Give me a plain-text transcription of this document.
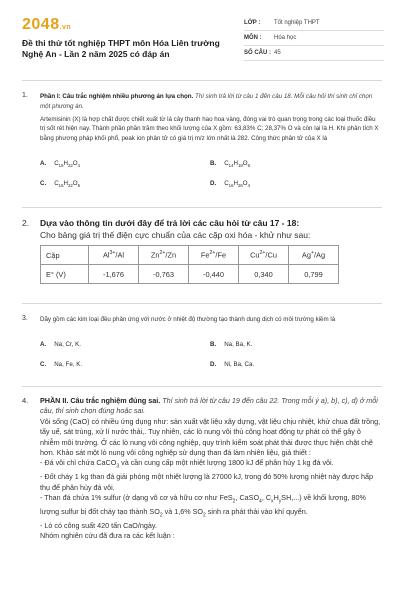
2048.vn
Đề thi thử tốt nghiệp THPT môn Hóa Liên trường Nghệ An - Lần 2 năm 2025 có đáp án
LỚP :	Tốt nghiệp THPT
MÔN :	Hóa học
SỐ CÂU : 45
1. Phần I: Câu trắc nghiệm nhiều phương án lựa chọn. Thí sinh trả lời từ câu 1 đến câu 18. Mỗi câu hỏi thí sinh chỉ chọn một phương án.
Artemisinin (X) là hợp chất được chiết xuất từ lá cây thanh hao hoa vàng, đóng vai trò quan trọng trong các loại thuốc điều trị sốt rét hiện nay. Thành phần phần trăm theo khối lượng của X gồm: 63,83% C; 28,37% O và còn lại là H. Khi phân tích X bằng phương pháp khối phổ, peak ion phân tử có giá trị m/z lớn nhất là 282. Công thức phân tử của X là
A. $C_{15}H_{22}O_4$	B. $C_{14}H_{18}O_6$
C. $C_{15}H_{22}O_5$	D. $C_{16}H_{26}O_4$
2. Dựa vào thông tin dưới đây để trả lời các câu hỏi từ câu 17 - 18:
Cho bảng giá trị thế điện cực chuẩn của các cặp oxi hóa - khử như sau:
Cặp	$Al^{3+}/Al$	$Zn^{2+}/Zn$	$Fe^{2+}/Fe$	$Cu^{2+}/Cu$	Ag+/Ag
E° (V)	-1,676	-0,763	-0,440	0,340	0,799
3. Dãy gồm các kim loại đều phản ứng với nước ở nhiệt độ thường tạo thành dung dịch có môi trường kiềm là
A. Na, Cr, K.	B. Na, Ba, K.
C. Na, Fe, K.	D. Ni, Ba, Ca.
4. PHẦN II. Câu trắc nghiệm đúng sai. Thí sinh trả lời từ câu 19 đến câu 22. Trong mỗi ý a), b), c), d) ở mỗi câu, thí sinh chọn đúng hoặc sai.
Vôi sống (CaO) có nhiều ứng dụng như: sản xuất vật liệu xây dựng, vật liệu chịu nhiệt, khử chua đất trồng, tẩy uế, sát trùng, xử lí nước thải,. Tuy nhiên, các lò nung vôi thủ công hoạt động tự phát có thể gây ô nhiễm môi trường. Ở các lò nung vôi công nghiệp, quy trình kiểm soát phát thải được thực hiện chặt chẽ hơn. Khảo sát một lò nung vôi công nghiệp sử dụng than đá làm nhiên liệu, giả thiết :
- Đá vôi chỉ chứa CaCO$_3$ và cần cung cấp một nhiệt lượng 1800 kJ để phân hủy 1 kg đá vôi.
- Đốt cháy 1 kg than đá giải phóng một nhiệt lượng là 27000 kJ, trong đó 50% lượng nhiệt này được hấp thụ để phân hủy đá vôi.
- Than đá chứa 1% sulfur (ở dạng vô cơ và hữu cơ như FeS$_2$, CaSO$_4$, $C_xH_ySH$,...) về khối lượng, 80% lượng sulfur bị đốt cháy tạo thành $SO_2$ và 1,6% $SO_2$ sinh ra phát thải vào khí quyển.
- Lò có công suất 420 tấn CaO/ngày.
Nhóm nghiên cứu đã đưa ra các kết luận :
